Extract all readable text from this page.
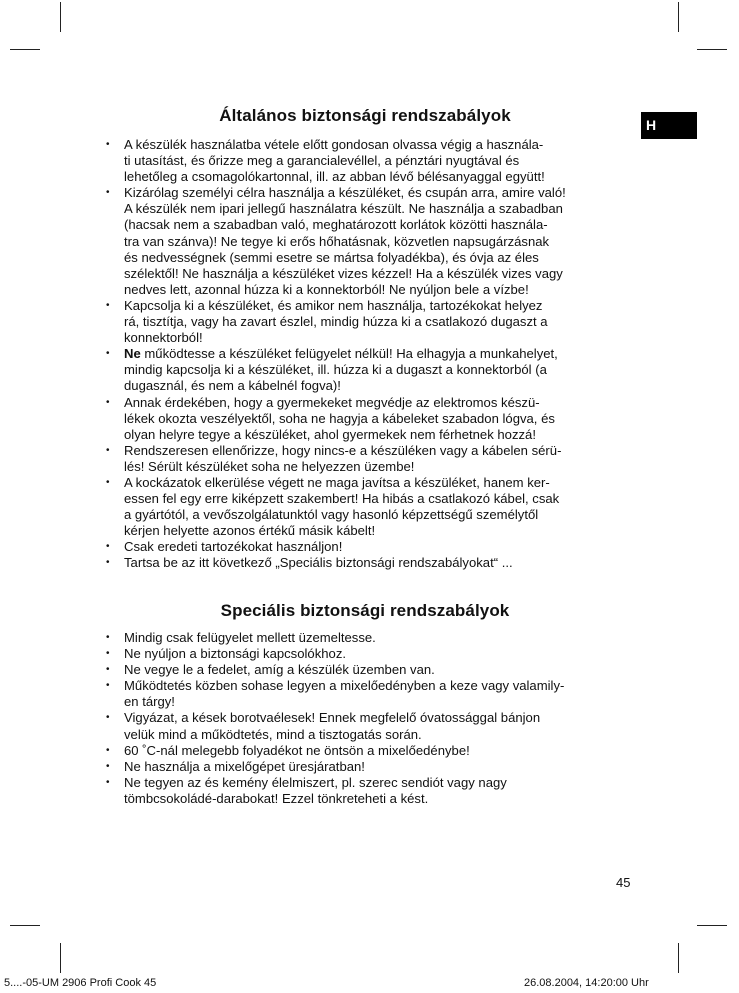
H
Általános biztonsági rendszabályok
• A készülék használatba vétele előtt gondosan olvassa végig a használa-
ti utasítást, és őrizze meg a garancialevéllel, a pénztári nyugtával és
lehetőleg a csomagolókartonnal, ill. az abban lévő bélésanyaggal együtt!
• Kizárólag személyi célra használja a készüléket, és csupán arra, amire való!
A készülék nem ipari jellegű használatra készült. Ne használja a szabadban
(hacsak nem a szabadban való, meghatározott korlátok közötti használa-
tra van szánva)! Ne tegye ki erős hőhatásnak, közvetlen napsugárzásnak
és nedvességnek (semmi esetre se mártsa folyadékba), és óvja az éles
szélektől! Ne használja a készüléket vizes kézzel! Ha a készülék vizes vagy
nedves lett, azonnal húzza ki a konnektorból! Ne nyúljon bele a vízbe!
• Kapcsolja ki a készüléket, és amikor nem használja, tartozékokat helyez
rá, tisztítja, vagy ha zavart észlel, mindig húzza ki a csatlakozó dugaszt a
konnektorból!
• Ne működtesse a készüléket felügyelet nélkül! Ha elhagyja a munkahelyet,
mindig kapcsolja ki a készüléket, ill. húzza ki a dugaszt a konnektorból (a
dugasznál, és nem a kábelnél fogva)!
• Annak érdekében, hogy a gyermekeket megvédje az elektromos készü-
lékek okozta veszélyektől, soha ne hagyja a kábeleket szabadon lógva, és
olyan helyre tegye a készüléket, ahol gyermekek nem férhetnek hozzá!
• Rendszeresen ellenőrizze, hogy nincs-e a készüléken vagy a kábelen sérü-
lés! Sérült készüléket soha ne helyezzen üzembe!
• A kockázatok elkerülése végett ne maga javítsa a készüléket, hanem ker-
essen fel egy erre kiképzett szakembert! Ha hibás a csatlakozó kábel, csak
a gyártótól, a vevőszolgálatunktól vagy hasonló képzettségű személytől
kérjen helyette azonos értékű másik kábelt!
• Csak eredeti tartozékokat használjon!
• Tartsa be az itt következő „Speciális biztonsági rendszabályokat“ ...
Speciális biztonsági rendszabályok
• Mindig csak felügyelet mellett üzemeltesse.
• Ne nyúljon a biztonsági kapcsolókhoz.
• Ne vegye le a fedelet, amíg a készülék üzemben van.
• Működtetés közben sohase legyen a mixelőedényben a keze vagy valamily-
en tárgy!
• Vigyázat, a kések borotvaélesek! Ennek megfelelő óvatossággal bánjon
velük mind a működtetés, mind a tisztogatás során.
• 60 ˚C-nál melegebb folyadékot ne öntsön a mixelőedénybe!
• Ne használja a mixelőgépet üresjáratban!
• Ne tegyen az és kemény élelmiszert, pl. szerec sendiót vagy nagy
tömbcsokoládé-darabokat! Ezzel tönkreteheti a kést.
45
5....-05-UM 2906 Profi Cook 45	26.08.2004, 14:20:00 Uhr
